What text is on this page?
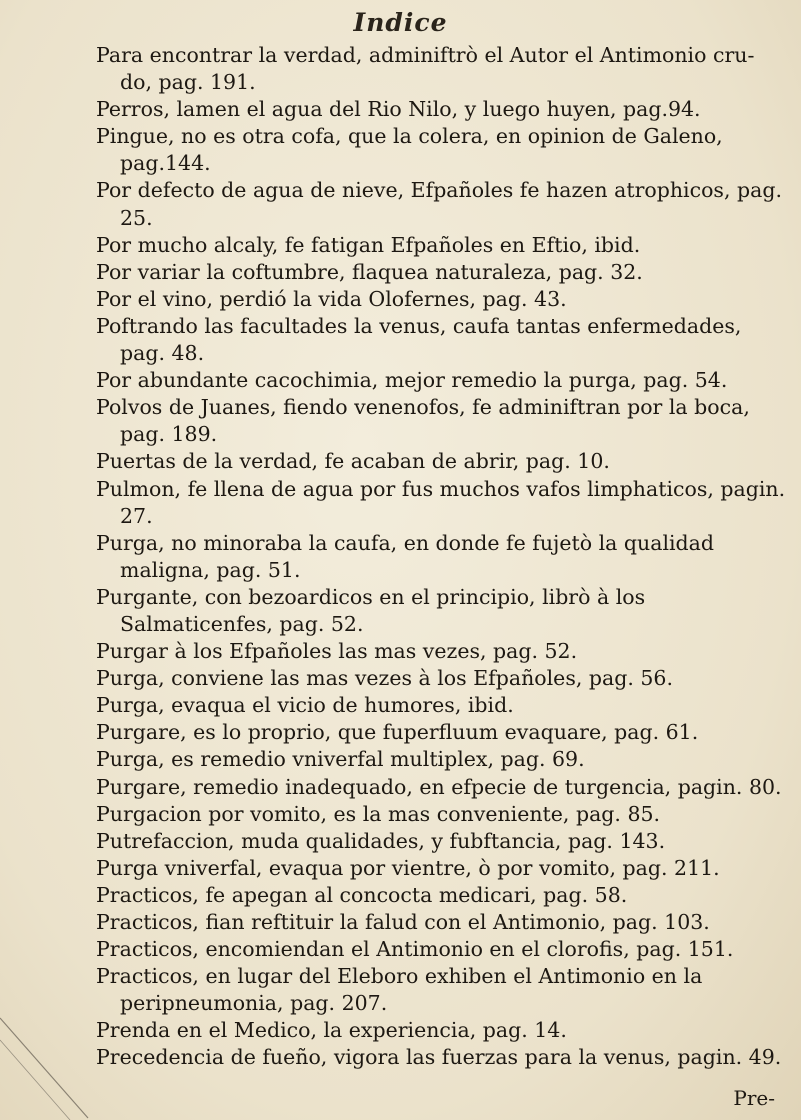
Indice

Para encontrar la verdad, adminiftrò el Autor el Antimonio cru-do, pag. 191.

Perros, lamen el agua del Rio Nilo, y luego huyen, pag.94.

Pingue, no es otra cofa, que la colera, en opinion de Galeno, pag.144.

Por defecto de agua de nieve, Efpañoles fe hazen atrophicos, pag. 25.

Por mucho alcaly, fe fatigan Efpañoles en Eftio, ibid.

Por variar la coftumbre, flaquea naturaleza, pag. 32.

Por el vino, perdió la vida Olofernes, pag. 43.

Poftrando las facultades la venus, caufa tantas enfermedades, pag. 48.

Por abundante cacochimia, mejor remedio la purga, pag. 54.

Polvos de Juanes, fiendo venenofos, fe adminiftran por la boca, pag. 189.

Puertas de la verdad, fe acaban de abrir, pag. 10.

Pulmon, fe llena de agua por fus muchos vafos limphaticos, pagin. 27.

Purga, no minoraba la caufa, en donde fe fujetò la qualidad maligna, pag. 51.

Purgante, con bezoardicos en el principio, librò à los Salmaticenfes, pag. 52.

Purgar à los Efpañoles las mas vezes, pag. 52.

Purga, conviene las mas vezes à los Efpañoles, pag. 56.

Purga, evaqua el vicio de humores, ibid.

Purgare, es lo proprio, que fuperfluum evaquare, pag. 61.

Purga, es remedio vniverfal multiplex, pag. 69.

Purgare, remedio inadequado, en efpecie de turgencia, pagin. 80.

Purgacion por vomito, es la mas conveniente, pag. 85.

Putrefaccion, muda qualidades, y fubftancia, pag. 143.

Purga vniverfal, evaqua por vientre, ò por vomito, pag. 211.

Practicos, fe apegan al concocta medicari, pag. 58.

Practicos, fian reftituir la falud con el Antimonio, pag. 103.

Practicos, encomiendan el Antimonio en el clorofis, pag. 151.

Practicos, en lugar del Eleboro exhiben el Antimonio en la peripneumonia, pag. 207.

Prenda en el Medico, la experiencia, pag. 14.

Precedencia de fueño, vigora las fuerzas para la venus, pagin. 49.

Pre-
